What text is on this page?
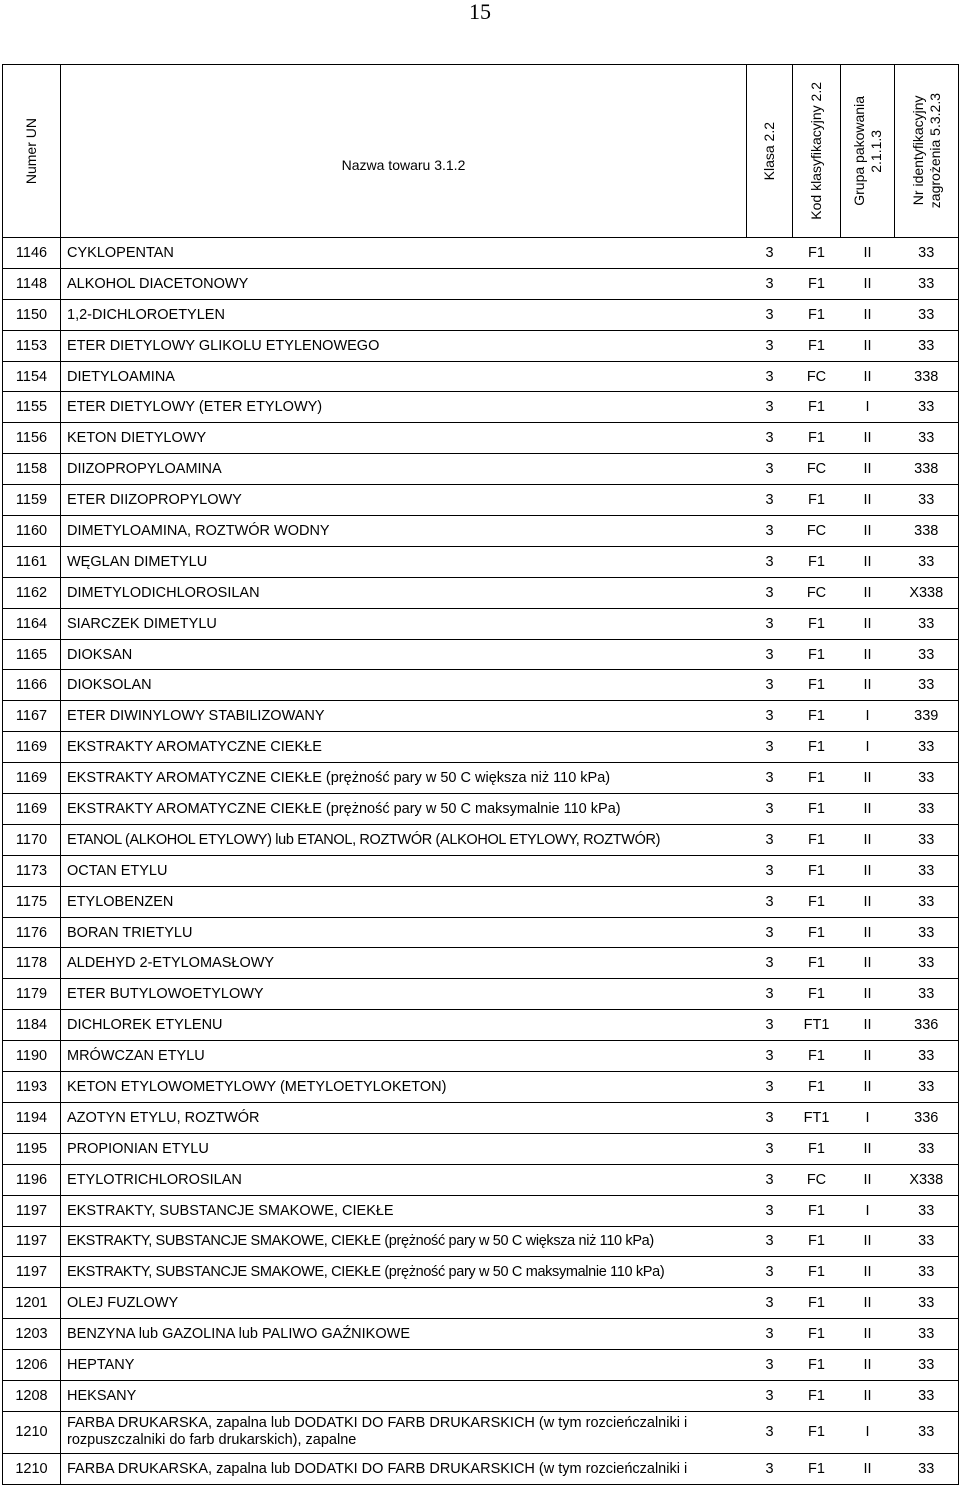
15
Numer UN	Nazwa towaru 3.1.2	Klasa 2.2	Kod klasyfikacyjny 2.2	Grupa pakowania
2.1.1.3	Nr identyfikacyjny
zagrożenia 5.3.2.3

1146	CYKLOPENTAN	3	F1	II	33
1148	ALKOHOL DIACETONOWY	3	F1	II	33
1150	1,2-DICHLOROETYLEN	3	F1	II	33
1153	ETER DIETYLOWY GLIKOLU ETYLENOWEGO	3	F1	II	33
1154	DIETYLOAMINA	3	FC	II	338
1155	ETER DIETYLOWY (ETER ETYLOWY)	3	F1	I	33
1156	KETON DIETYLOWY	3	F1	II	33
1158	DIIZOPROPYLOAMINA	3	FC	II	338
1159	ETER DIIZOPROPYLOWY	3	F1	II	33
1160	DIMETYLOAMINA, ROZTWÓR WODNY	3	FC	II	338
1161	WĘGLAN DIMETYLU	3	F1	II	33
1162	DIMETYLODICHLOROSILAN	3	FC	II	X338
1164	SIARCZEK DIMETYLU	3	F1	II	33
1165	DIOKSAN	3	F1	II	33
1166	DIOKSOLAN	3	F1	II	33
1167	ETER DIWINYLOWY STABILIZOWANY	3	F1	I	339
1169	EKSTRAKTY AROMATYCZNE CIEKŁE	3	F1	I	33
1169	EKSTRAKTY AROMATYCZNE CIEKŁE (prężność pary w 50 C większa niż 110 kPa)	3	F1	II	33
1169	EKSTRAKTY AROMATYCZNE CIEKŁE (prężność pary w 50 C maksymalnie 110 kPa)	3	F1	II	33
1170	ETANOL (ALKOHOL ETYLOWY) lub ETANOL, ROZTWÓR (ALKOHOL ETYLOWY, ROZTWÓR)	3	F1	II	33
1173	OCTAN ETYLU	3	F1	II	33
1175	ETYLOBENZEN	3	F1	II	33
1176	BORAN TRIETYLU	3	F1	II	33
1178	ALDEHYD 2-ETYLOMASŁOWY	3	F1	II	33
1179	ETER BUTYLOWOETYLOWY	3	F1	II	33
1184	DICHLOREK ETYLENU	3	FT1	II	336
1190	MRÓWCZAN ETYLU	3	F1	II	33
1193	KETON ETYLOWOMETYLOWY (METYLOETYLOKETON)	3	F1	II	33
1194	AZOTYN ETYLU, ROZTWÓR	3	FT1	I	336
1195	PROPIONIAN ETYLU	3	F1	II	33
1196	ETYLOTRICHLOROSILAN	3	FC	II	X338
1197	EKSTRAKTY, SUBSTANCJE SMAKOWE, CIEKŁE	3	F1	I	33
1197	EKSTRAKTY, SUBSTANCJE SMAKOWE, CIEKŁE (prężność pary w 50 C większa niż 110 kPa)	3	F1	II	33
1197	EKSTRAKTY, SUBSTANCJE SMAKOWE, CIEKŁE (prężność pary w 50 C maksymalnie 110 kPa)	3	F1	II	33
1201	OLEJ FUZLOWY	3	F1	II	33
1203	BENZYNA lub GAZOLINA lub PALIWO GAŹNIKOWE	3	F1	II	33
1206	HEPTANY	3	F1	II	33
1208	HEKSANY	3	F1	II	33
1210	FARBA DRUKARSKA, zapalna lub DODATKI DO FARB DRUKARSKICH (w tym rozcieńczalniki i rozpuszczalniki do farb drukarskich), zapalne	3	F1	I	33
1210	FARBA DRUKARSKA, zapalna lub DODATKI DO FARB DRUKARSKICH (w tym rozcieńczalniki i	3	F1	II	33
